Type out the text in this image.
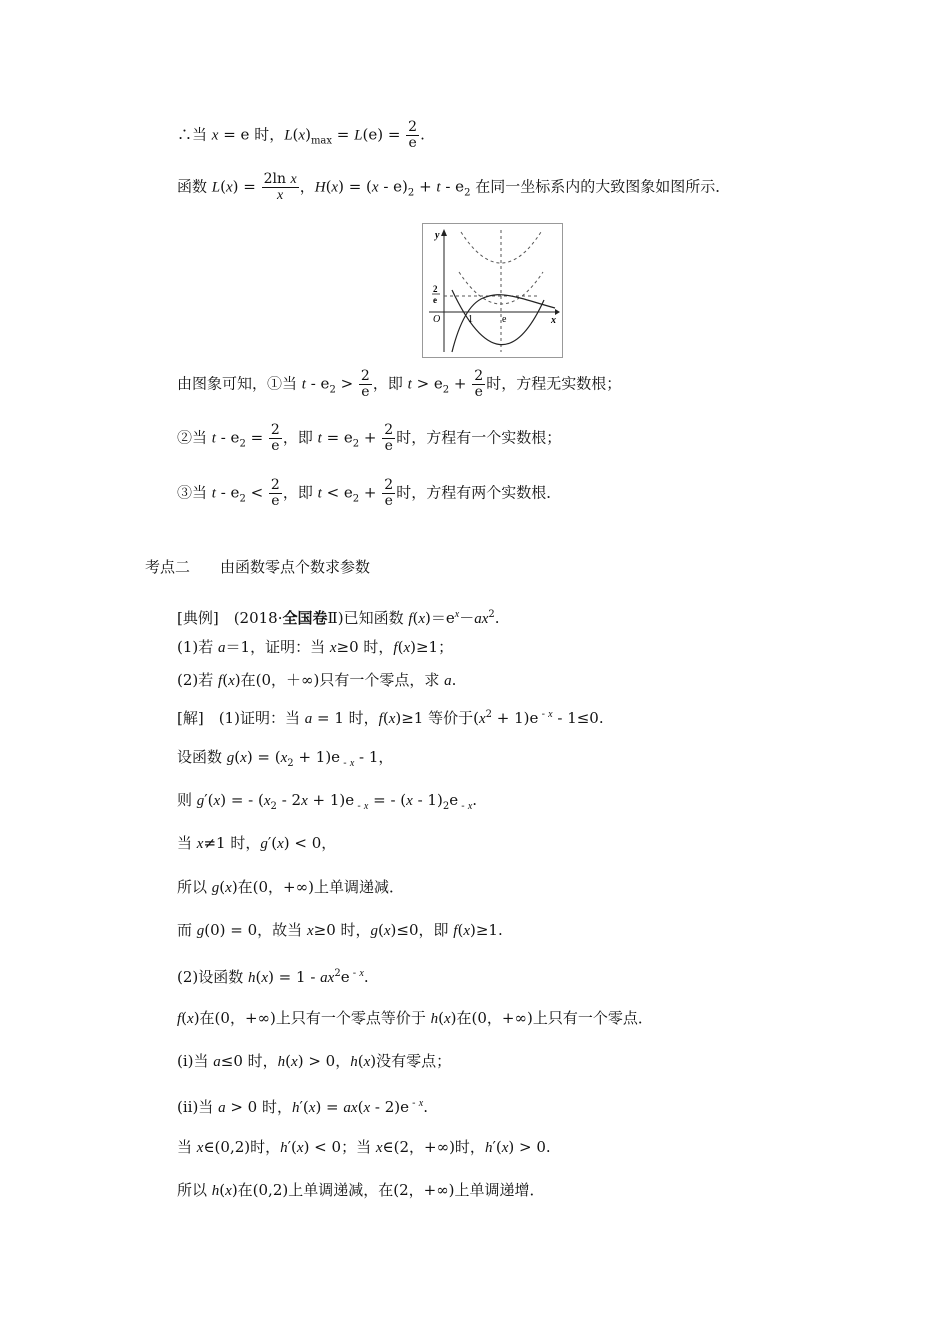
∴当 x = e 时，$L(x)_{max} = L(e) = \frac{2}{e}$ .
函数 $L(x) = \frac{\text{2ln x}}{x}$ ，$H(x) = (x - e)_2 + t - e_2$ 在同一坐标系内的大致图象如图所示．
y
x
O	1	e
2
e
由图象可知，①当 $t - e_2 > \frac{2}{e}$ ，即 $t > e_2 + \frac{2}{e}$ 时，方程无实数根；
②当 $t - e_2 = \frac{2}{e}$ ，即 $t = e_2 + \frac{2}{e}$ 时，方程有一个实数根；
③当 $t - e_2 < \frac{2}{e}$ ，即 $t < e_2 + \frac{2}{e}$ 时，方程有两个实数根．
考点二　　由函数零点个数求参数
[典例]　(2018·全国卷Ⅱ)已知函数 $f(x)=e^x-ax^2$.
(1)若 a＝1，证明：当 x≥0 时，f(x)≥1；
(2)若 f(x)在(0，＋∞)只有一个零点，求 a.
[解]　(1)证明：当 a = 1 时，f(x)≥1 等价于$(x^2 + 1)e$ $^{- x}$ - 1≤0.
设函数 $g(x) = (x_2 + 1)e$ $_{- x}$ - 1，
则 g′(x) = - $(x_2 - 2x + 1)e$ $_{- x}$ = - $(x - 1)_2e$ $_{- x}$.
当 x≠1 时，g′(x) < 0，
所以 g(x)在(0，+∞)上单调递减．
而 g(0) = 0，故当 x≥0 时，g(x)≤0，即 f(x)≥1.
(2)设函数 $h(x) = 1 - ax^2e$ $^{- x}$.
f(x)在(0，+∞)上只有一个零点等价于 h(x)在(0，+∞)上只有一个零点．
(ⅰ)当 a≤0 时，h(x) > 0，h(x)没有零点；
(ⅱ)当 a > 0 时，h′(x) = ax(x - 2)e $^{- x}$.
当 x∈(0,2)时，h′(x) < 0；当 x∈(2，+∞)时，h′(x) > 0.
所以 h(x)在(0,2)上单调递减，在(2，+∞)上单调递增．
